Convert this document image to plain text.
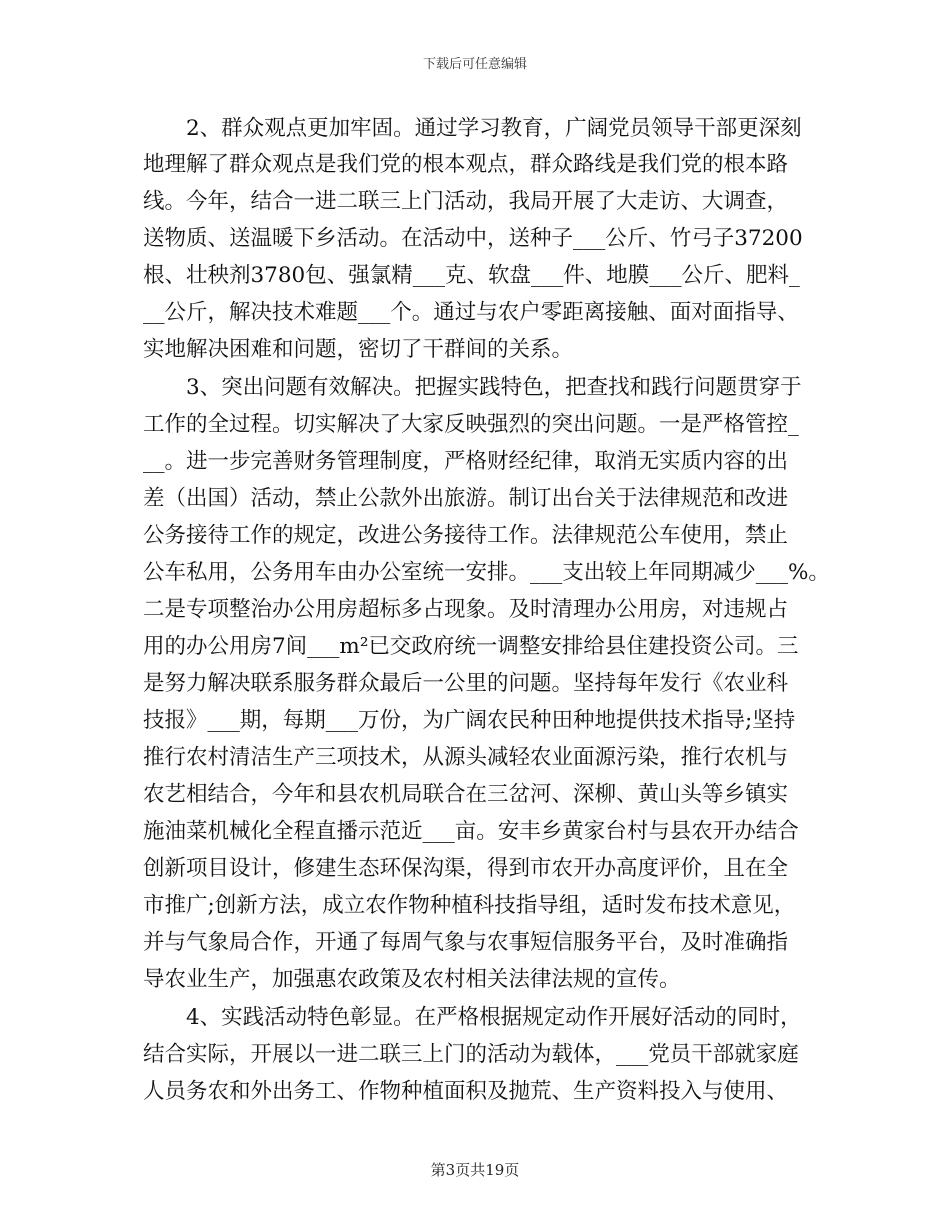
下载后可任意编辑
　　2、群众观点更加牢固。通过学习教育，广阔党员领导干部更深刻
地理解了群众观点是我们党的根本观点，群众路线是我们党的根本路
线。今年，结合一进二联三上门活动，我局开展了大走访、大调查，
送物质、送温暖下乡活动。在活动中，送种子___公斤、竹弓子37200
根、壮秧剂3780包、强氯精___克、软盘___件、地膜___公斤、肥料_
__公斤，解决技术难题___个。通过与农户零距离接触、面对面指导、
实地解决困难和问题，密切了干群间的关系。
　　3、突出问题有效解决。把握实践特色，把查找和践行问题贯穿于
工作的全过程。切实解决了大家反映强烈的突出问题。一是严格管控_
__。进一步完善财务管理制度，严格财经纪律，取消无实质内容的出
差（出国）活动，禁止公款外出旅游。制订出台关于法律规范和改进
公务接待工作的规定，改进公务接待工作。法律规范公车使用，禁止
公车私用，公务用车由办公室统一安排。___支出较上年同期减少___%。
二是专项整治办公用房超标多占现象。及时清理办公用房，对违规占
用的办公用房7间___m²已交政府统一调整安排给县住建投资公司。三
是努力解决联系服务群众最后一公里的问题。坚持每年发行《农业科
技报》___期，每期___万份，为广阔农民种田种地提供技术指导;坚持
推行农村清洁生产三项技术，从源头减轻农业面源污染，推行农机与
农艺相结合，今年和县农机局联合在三岔河、深柳、黄山头等乡镇实
施油菜机械化全程直播示范近___亩。安丰乡黄家台村与县农开办结合
创新项目设计，修建生态环保沟渠，得到市农开办高度评价，且在全
市推广;创新方法，成立农作物种植科技指导组，适时发布技术意见，
并与气象局合作，开通了每周气象与农事短信服务平台，及时准确指
导农业生产，加强惠农政策及农村相关法律法规的宣传。
　　4、实践活动特色彰显。在严格根据规定动作开展好活动的同时，
结合实际，开展以一进二联三上门的活动为载体，___党员干部就家庭
人员务农和外出务工、作物种植面积及抛荒、生产资料投入与使用、
第3页共19页
